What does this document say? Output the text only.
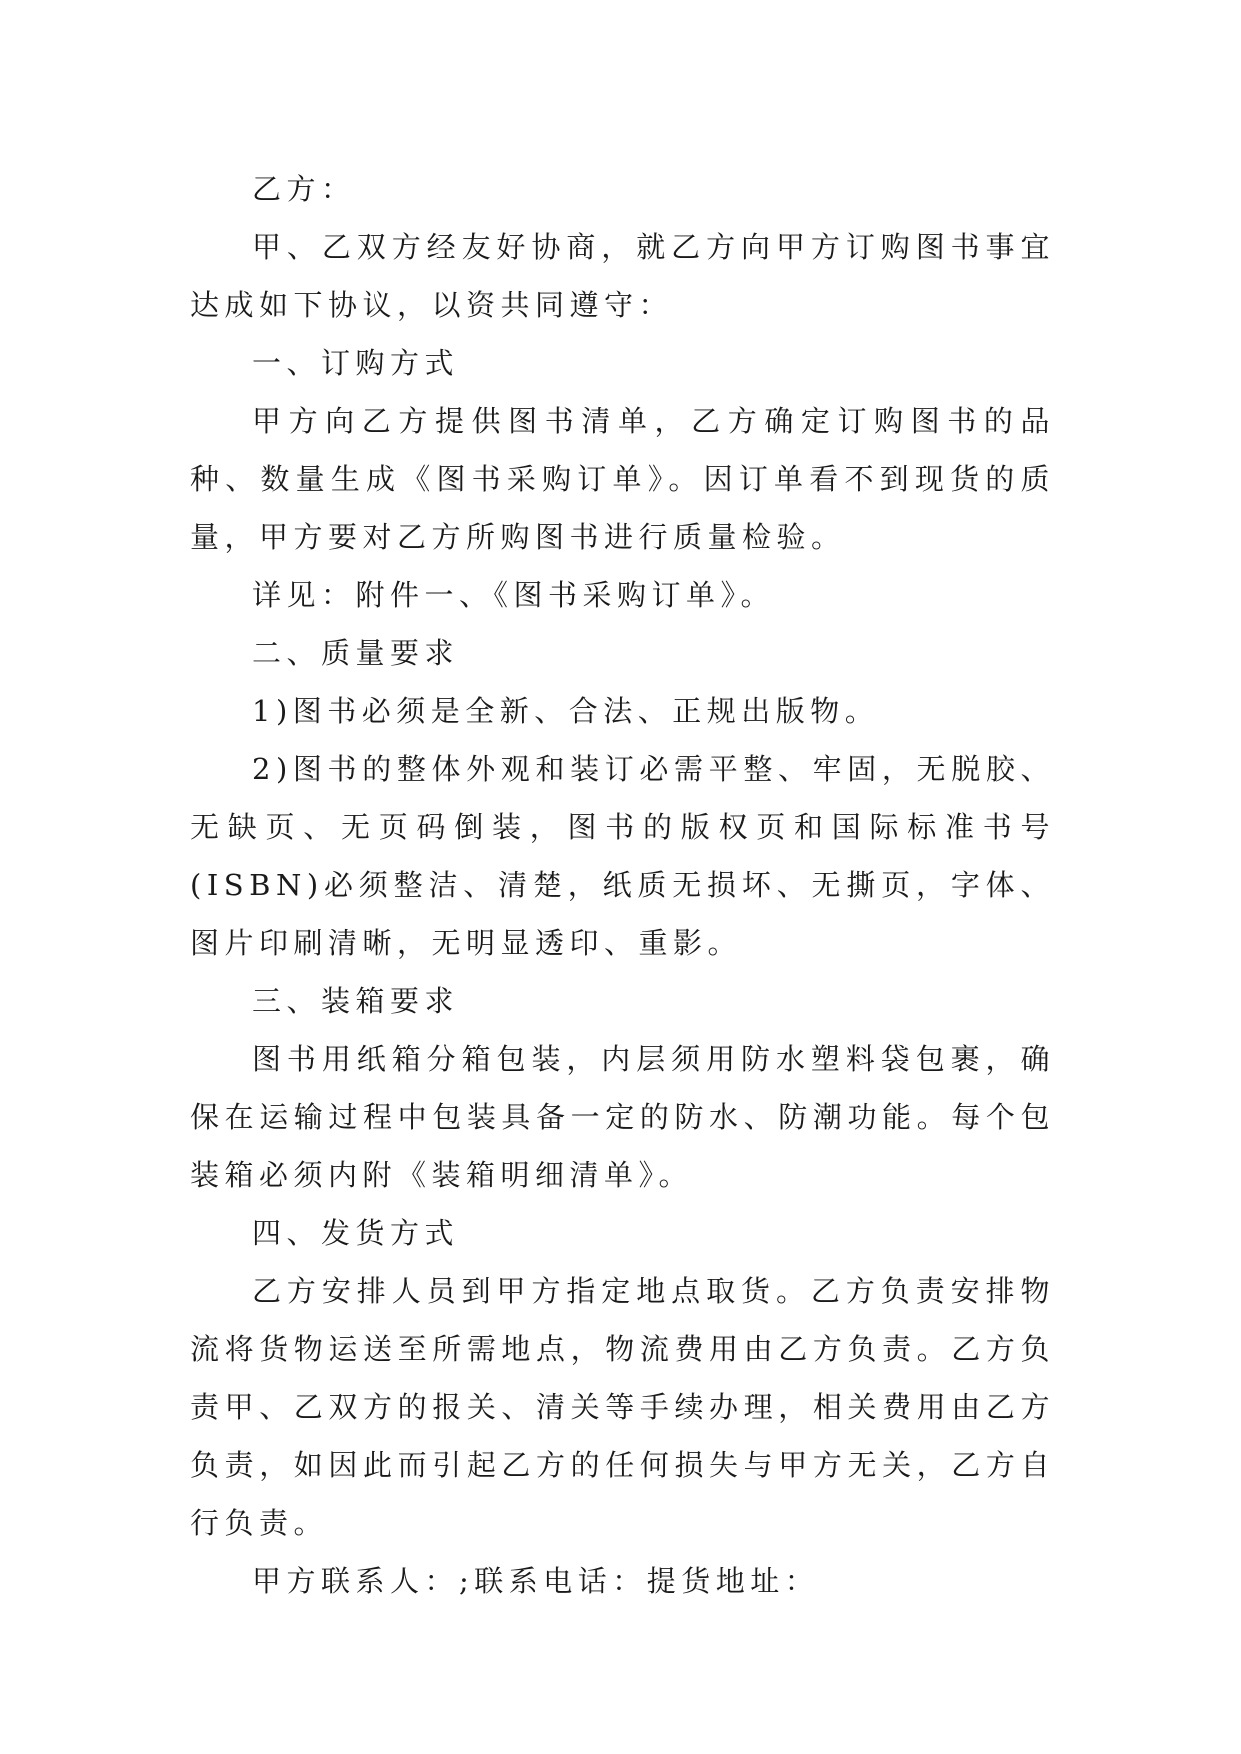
乙方：

甲、乙双方经友好协商，就乙方向甲方订购图书事宜达成如下协议，以资共同遵守：

一、订购方式

甲方向乙方提供图书清单，乙方确定订购图书的品种、数量生成《图书采购订单》。因订单看不到现货的质量，甲方要对乙方所购图书进行质量检验。

详见：附件一、《图书采购订单》。

二、质量要求

1)图书必须是全新、合法、正规出版物。

2)图书的整体外观和装订必需平整、牢固，无脱胶、无缺页、无页码倒装，图书的版权页和国际标准书号(ISBN)必须整洁、清楚，纸质无损坏、无撕页，字体、图片印刷清晰，无明显透印、重影。

三、装箱要求

图书用纸箱分箱包装，内层须用防水塑料袋包裹，确保在运输过程中包装具备一定的防水、防潮功能。每个包装箱必须内附《装箱明细清单》。

四、发货方式

乙方安排人员到甲方指定地点取货。乙方负责安排物流将货物运送至所需地点，物流费用由乙方负责。乙方负责甲、乙双方的报关、清关等手续办理，相关费用由乙方负责，如因此而引起乙方的任何损失与甲方无关，乙方自行负责。

甲方联系人：;联系电话：提货地址：
